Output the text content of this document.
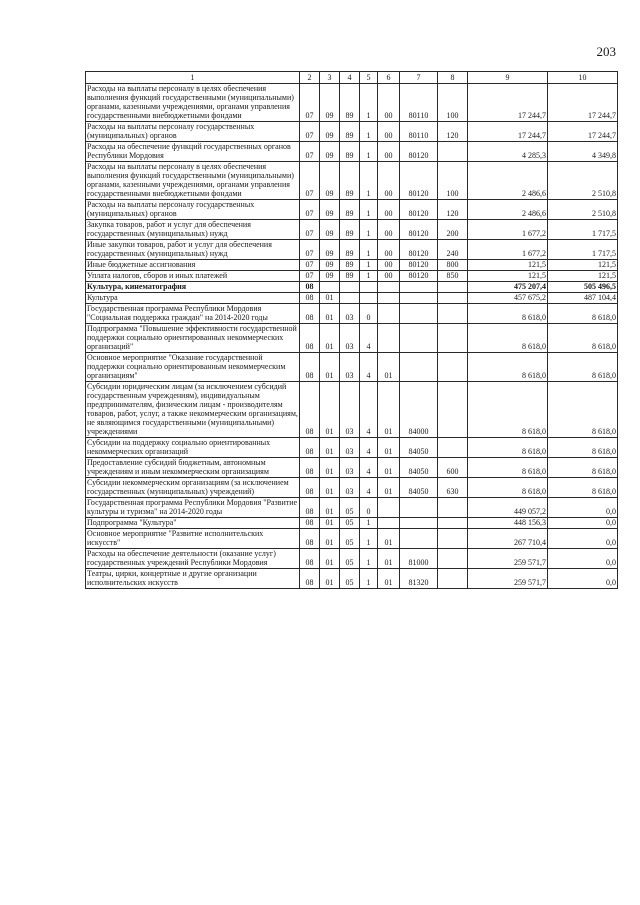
203
1	2	3	4	5	6	7	8	9	10
Расходы на выплаты персоналу в целях обеспечения выполнения функций государственными (муниципальными) органами, казенными учреждениями, органами управления государственными внебюджетными фондами	07	09	89	1	00	80110	100	17 244,7	17 244,7
Расходы на выплаты персоналу государственных (муниципальных) органов	07	09	89	1	00	80110	120	17 244,7	17 244,7
Расходы на обеспечение функций государственных органов Республики Мордовия	07	09	89	1	00	80120		4 285,3	4 349,8
Расходы на выплаты персоналу в целях обеспечения выполнения функций государственными (муниципальными) органами, казенными учреждениями, органами управления государственными внебюджетными фондами	07	09	89	1	00	80120	100	2 486,6	2 510,8
Расходы на выплаты персоналу государственных (муниципальных) органов	07	09	89	1	00	80120	120	2 486,6	2 510,8
Закупка товаров, работ и услуг для обеспечения государственных (муниципальных) нужд	07	09	89	1	00	80120	200	1 677,2	1 717,5
Иные закупки товаров, работ и услуг для обеспечения государственных (муниципальных) нужд	07	09	89	1	00	80120	240	1 677,2	1 717,5
Иные бюджетные ассигнования	07	09	89	1	00	80120	800	121,5	121,5
Уплата налогов, сборов и иных платежей	07	09	89	1	00	80120	850	121,5	121,5
Культура, кинематография	08							475 207,4	505 496,5
Культура	08	01						457 675,2	487 104,4
Государственная программа Республики Мордовия "Социальная поддержка граждан" на 2014-2020 годы	08	01	03	0				8 618,0	8 618,0
Подпрограмма "Повышение эффективности государственной поддержки социально ориентированных некоммерческих организаций"	08	01	03	4				8 618,0	8 618,0
Основное мероприятие "Оказание государственной поддержки социально ориентированным некоммерческим организациям"	08	01	03	4	01			8 618,0	8 618,0
Субсидии юридическим лицам (за исключением субсидий государственным учреждениям), индивидуальным предпринимателям, физическим лицам - производителям товаров, работ, услуг, а также некоммерческим организациям, не являющимся государственными (муниципальными) учреждениями	08	01	03	4	01	84000		8 618,0	8 618,0
Субсидии на поддержку социально ориентированных некоммерческих организаций	08	01	03	4	01	84050		8 618,0	8 618,0
Предоставление субсидий бюджетным, автономным учреждениям и иным некоммерческим организациям	08	01	03	4	01	84050	600	8 618,0	8 618,0
Субсидии некоммерческим организациям (за исключением государственных (муниципальных) учреждений)	08	01	03	4	01	84050	630	8 618,0	8 618,0
Государственная программа Республики Мордовия "Развитие культуры и туризма" на 2014-2020 годы	08	01	05	0				449 057,2	0,0
Подпрограмма "Культура"	08	01	05	1				448 156,3	0,0
Основное мероприятие "Развитие исполнительских искусств"	08	01	05	1	01			267 710,4	0,0
Расходы на обеспечение деятельности (оказание услуг) государственных учреждений Республики Мордовия	08	01	05	1	01	81000		259 571,7	0,0
Театры, цирки, концертные и другие организации исполнительских искусств	08	01	05	1	01	81320		259 571,7	0,0
